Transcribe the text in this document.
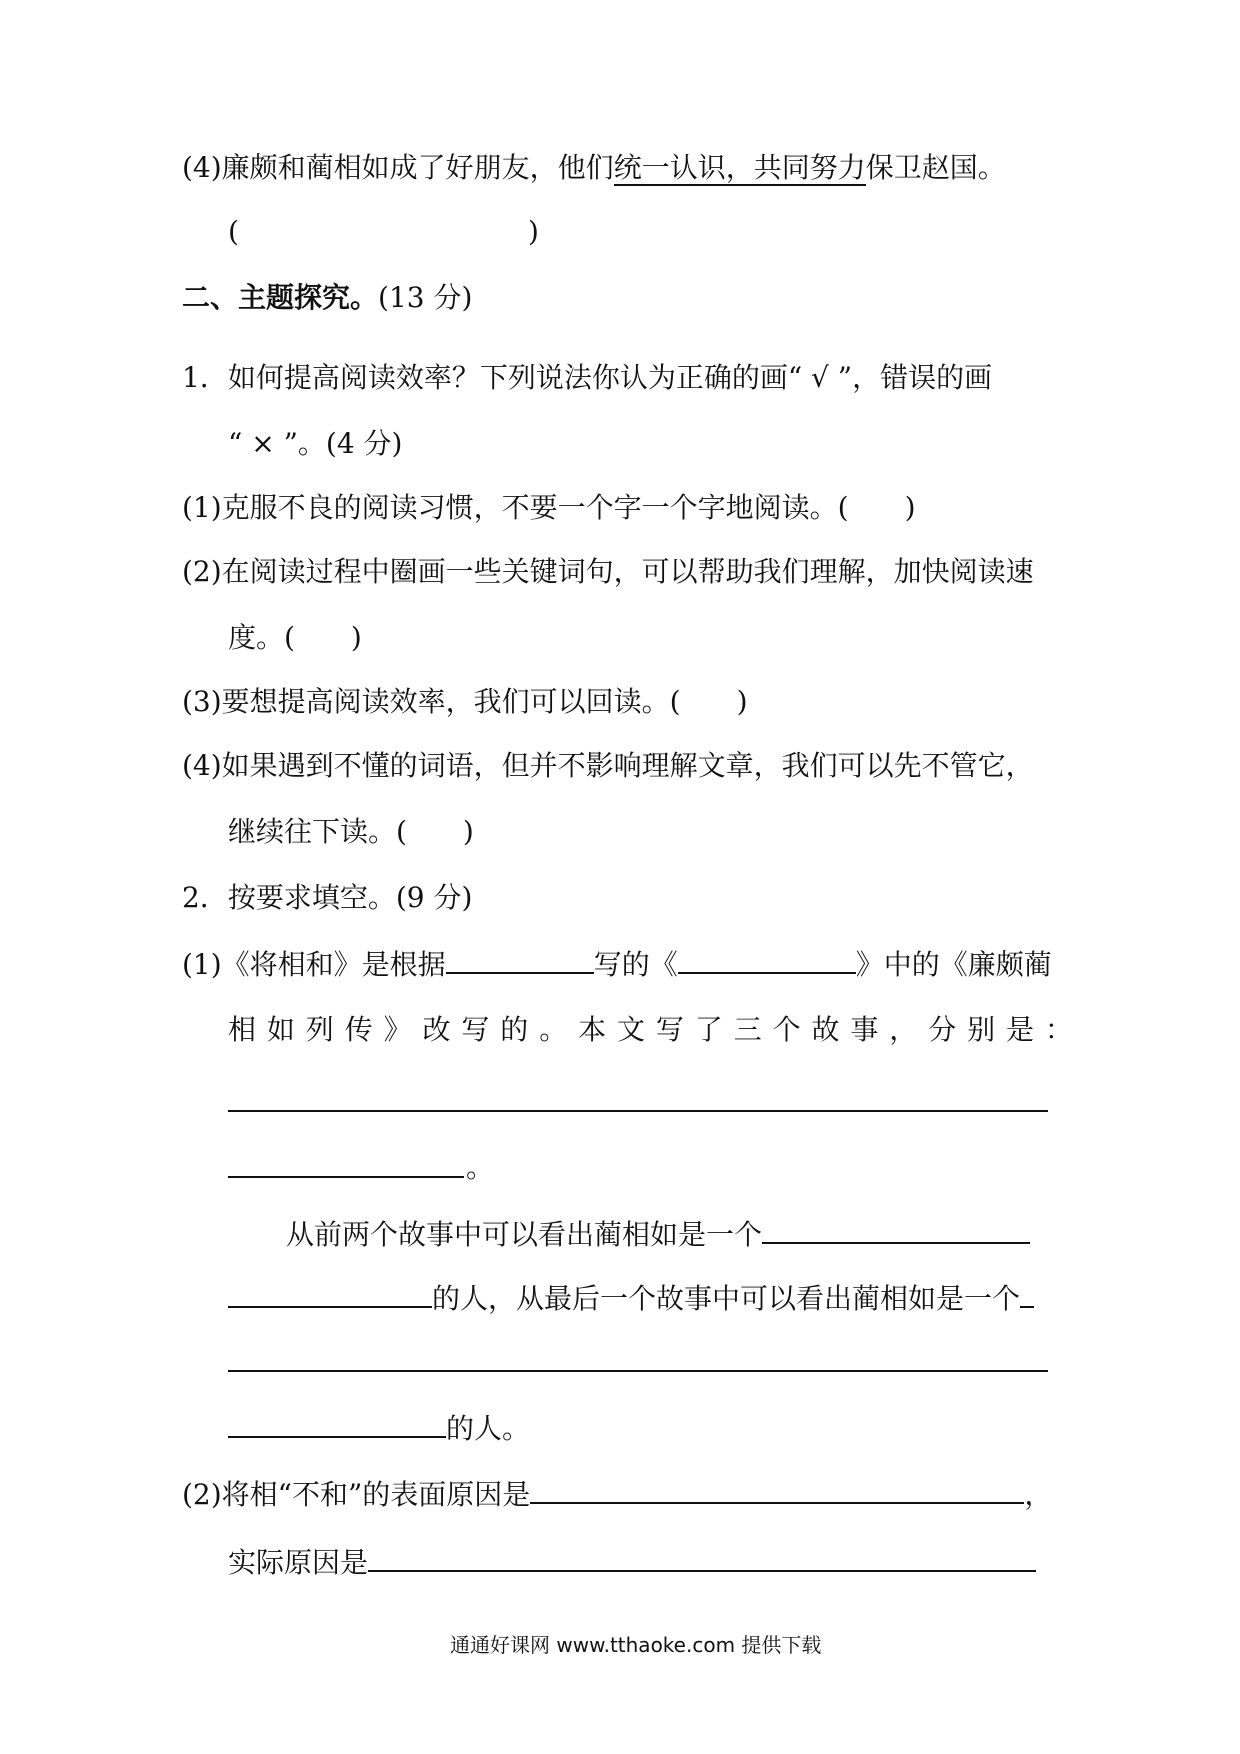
(4)廉颇和蔺相如成了好朋友，他们统一认识，共同努力保卫赵国。
(	)
二、主题探究。(13 分)
1．如何提高阅读效率？下列说法你认为正确的画“ √ ”，错误的画
“ × ”。(4 分)
(1)克服不良的阅读习惯，不要一个字一个字地阅读。(　　)
(2)在阅读过程中圈画一些关键词句，可以帮助我们理解，加快阅读速
度。(　　)
(3)要想提高阅读效率，我们可以回读。(　　)
(4)如果遇到不懂的词语，但并不影响理解文章，我们可以先不管它，
继续往下读。(　　)
2．按要求填空。(9 分)
(1)《将相和》是根据	写的《	》中的《廉颇蔺
相 如 列 传 》 改 写 的 。 本 文 写 了 三 个 故 事 ， 分 别 是 ：
。
从前两个故事中可以看出蔺相如是一个
的人，从最后一个故事中可以看出蔺相如是一个
的人。
(2)将相“不和”的表面原因是	，
实际原因是
通通好课网 www.tthaoke.com 提供下载
